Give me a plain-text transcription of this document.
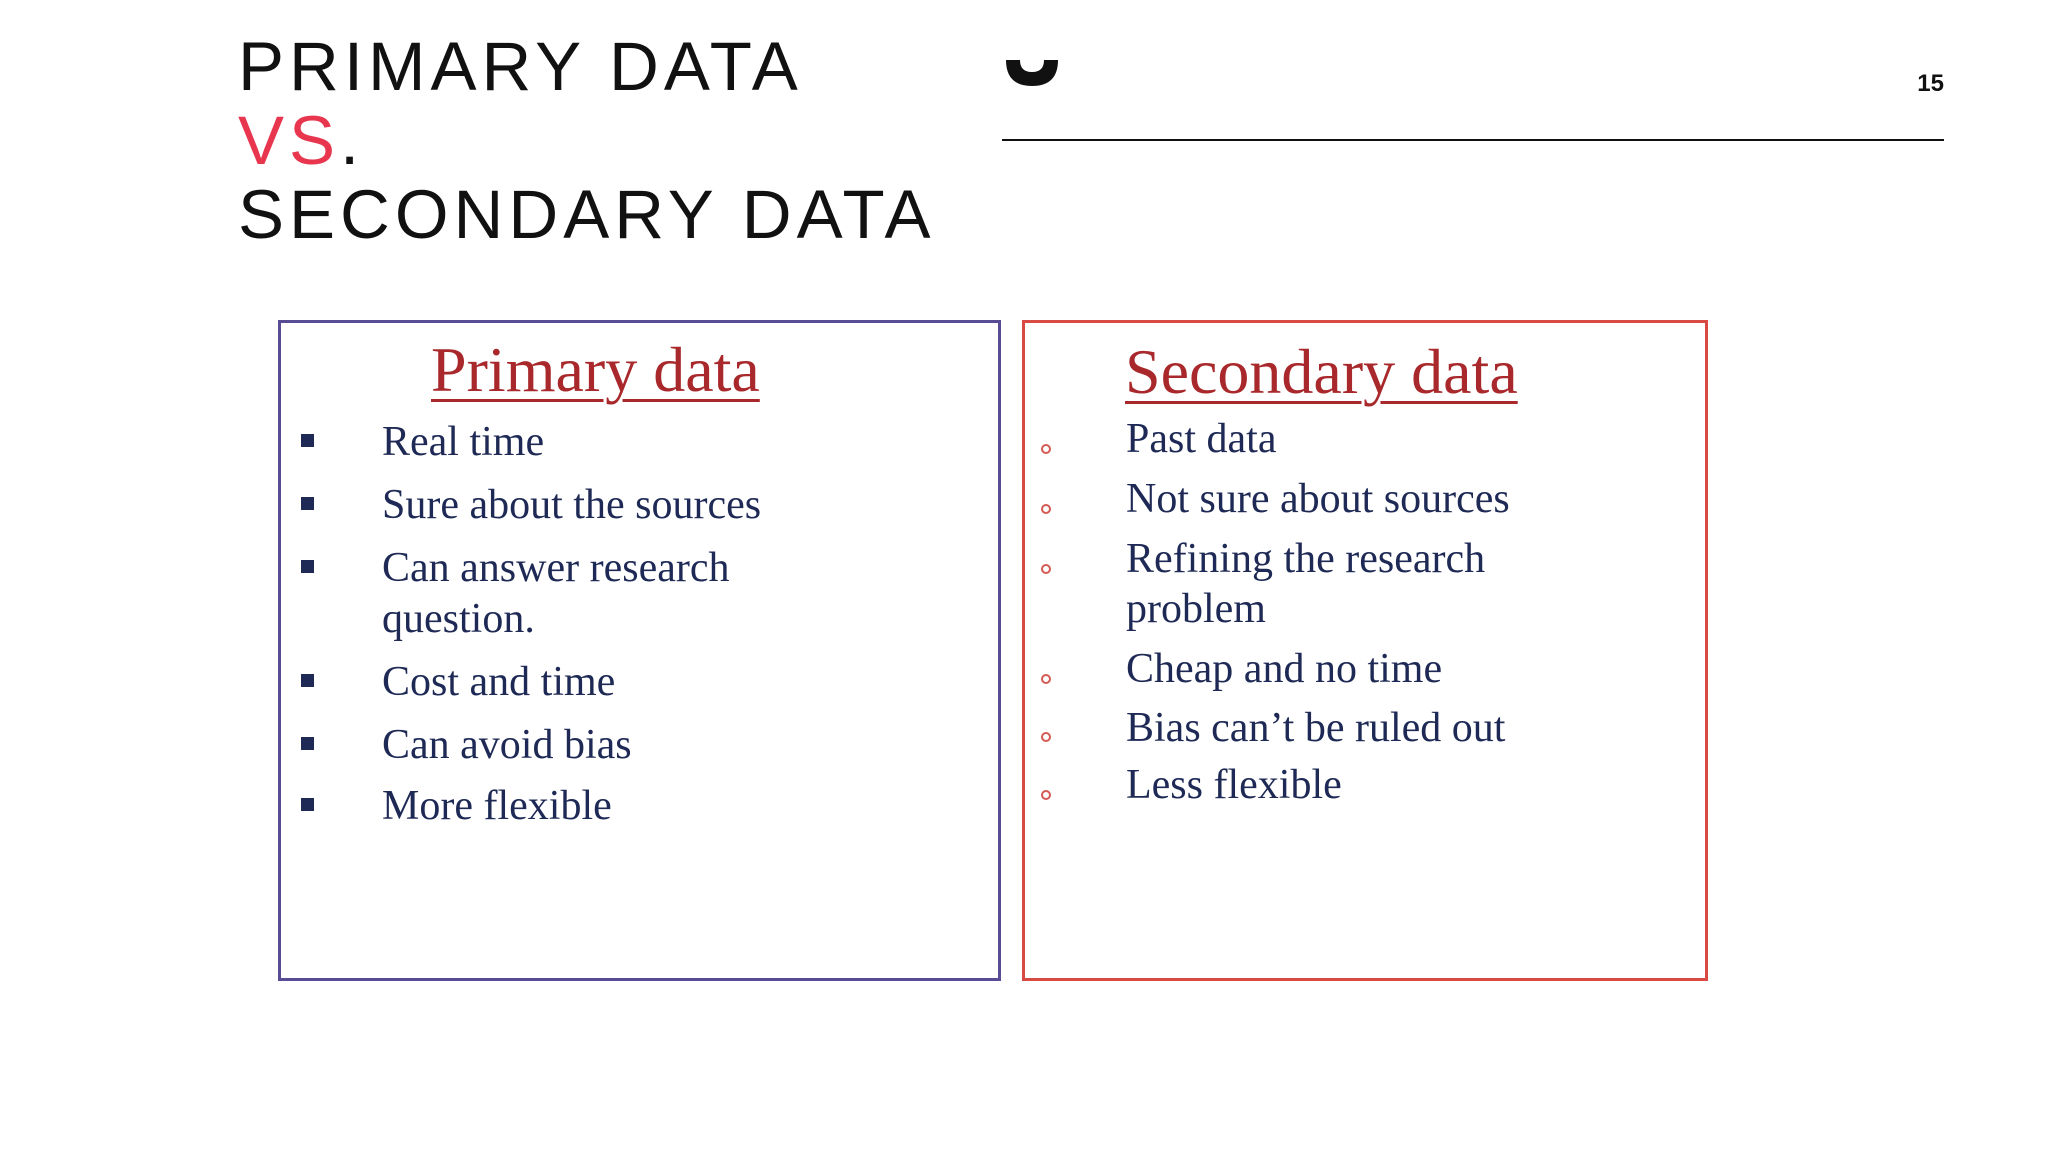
PRIMARY DATA
VS.
SECONDARY DATA
15
Primary data
Real time
Sure about the sources
Can answer research
question.
Cost and time
Can avoid bias
More flexible
Secondary data
Past data
Not sure about sources
Refining the research
problem
Cheap and no time
Bias can’t be ruled out
Less flexible
